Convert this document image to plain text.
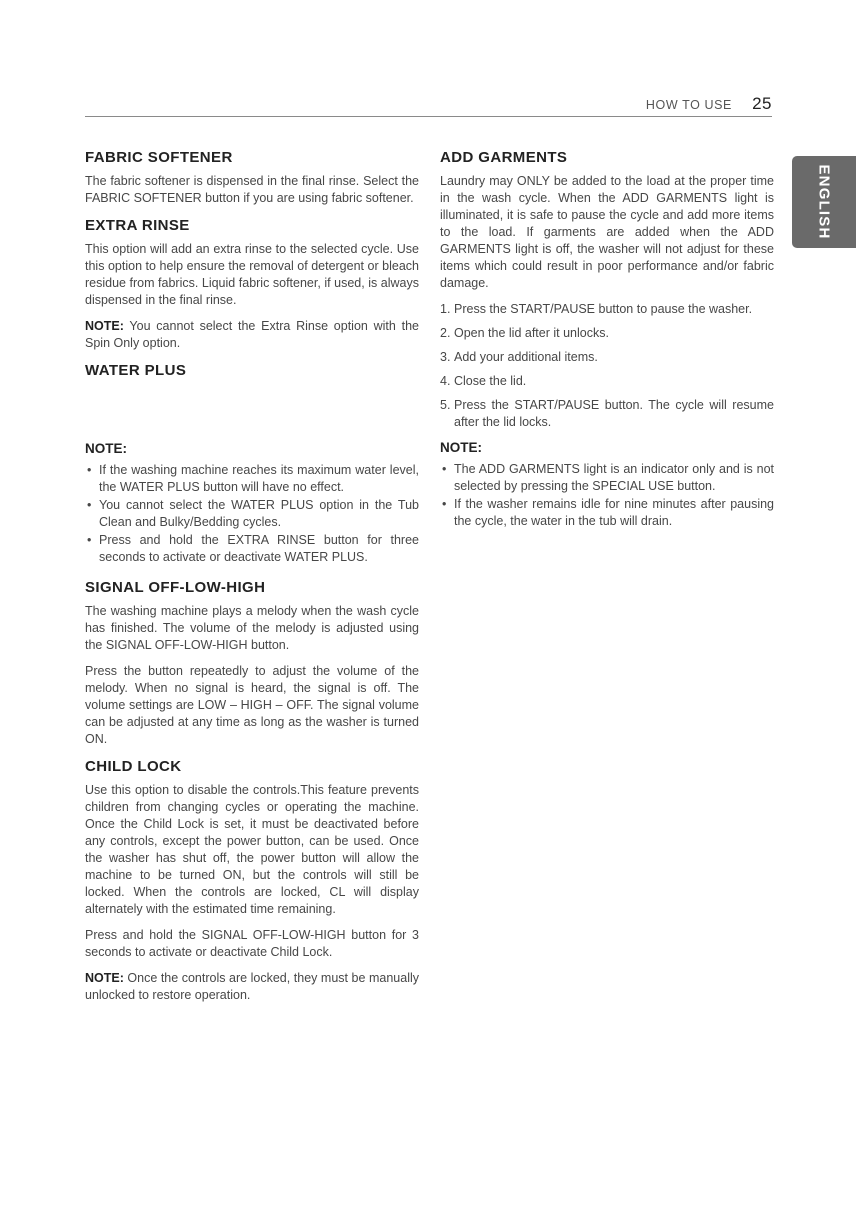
HOW TO USE 25
ENGLISH
FABRIC SOFTENER

The fabric softener is dispensed in the final rinse. Select the FABRIC SOFTENER button if you are using fabric softener.

EXTRA RINSE

This option will add an extra rinse to the selected cycle. Use this option to help ensure the removal of detergent or bleach residue from fabrics. Liquid fabric softener, if used, is always dispensed in the final rinse.

NOTE: You cannot select the Extra Rinse option with the Spin Only option.

WATER PLUS
NOTE:
• If the washing machine reaches its maximum water level, the WATER PLUS button will have no effect.
• You cannot select the WATER PLUS option in the Tub Clean and Bulky/Bedding cycles.
• Press and hold the EXTRA RINSE button for three seconds to activate or deactivate WATER PLUS.
SIGNAL OFF-LOW-HIGH

The washing machine plays a melody when the wash cycle has finished. The volume of the melody is adjusted using the SIGNAL OFF-LOW-HIGH button.

Press the button repeatedly to adjust the volume of the melody. When no signal is heard, the signal is off. The volume settings are LOW – HIGH – OFF. The signal volume can be adjusted at any time as long as the washer is turned ON.

CHILD LOCK

Use this option to disable the controls.This feature prevents children from changing cycles or operating the machine. Once the Child Lock is set, it must be deactivated before any controls, except the power button, can be used. Once the washer has shut off, the power button will allow the machine to be turned ON, but the controls will still be locked. When the controls are locked, CL will display alternately with the estimated time remaining.

Press and hold the SIGNAL OFF-LOW-HIGH button for 3 seconds to activate or deactivate Child Lock.

NOTE: Once the controls are locked, they must be manually unlocked to restore operation.

ADD GARMENTS

Laundry may ONLY be added to the load at the proper time in the wash cycle. When the ADD GARMENTS light is illuminated, it is safe to pause the cycle and add more items to the load. If garments are added when the ADD GARMENTS light is off, the washer will not adjust for these items which could result in poor performance and/or fabric damage.

1. Press the START/PAUSE button to pause the washer.
2. Open the lid after it unlocks.
3. Add your additional items.
4. Close the lid.
5. Press the START/PAUSE button. The cycle will resume after the lid locks.
NOTE:
• The ADD GARMENTS light is an indicator only and is not selected by pressing the SPECIAL USE button.
• If the washer remains idle for nine minutes after pausing the cycle, the water in the tub will drain.
